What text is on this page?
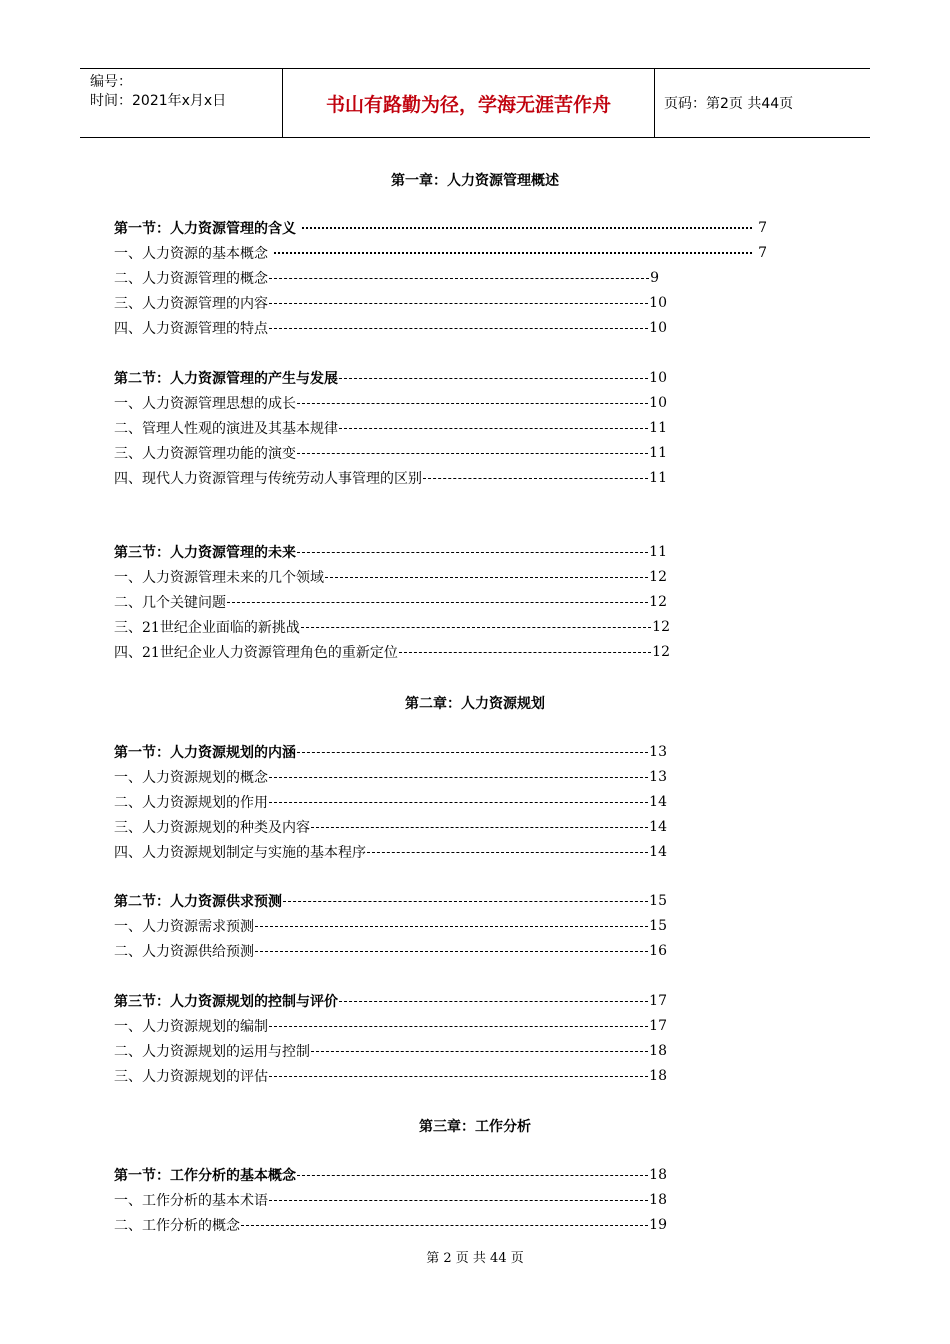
编号：
时间：2021年x月x日	书山有路勤为径，学海无涯苦作舟	页码：第2页 共44页
第一章：人力资源管理概述
第一节：人力资源管理的含义	7
一、人力资源的基本概念	7
二、人力资源管理的概念	9
三、人力资源管理的内容	10
四、人力资源管理的特点	10
第二节：人力资源管理的产生与发展	10
一、人力资源管理思想的成长	10
二、管理人性观的演进及其基本规律	11
三、人力资源管理功能的演变	11
四、现代人力资源管理与传统劳动人事管理的区别	11
第三节：人力资源管理的未来	11
一、人力资源管理未来的几个领域	12
二、几个关键问题	12
三、21世纪企业面临的新挑战	12
四、21世纪企业人力资源管理角色的重新定位	12
第二章：人力资源规划
第一节：人力资源规划的内涵	13
一、人力资源规划的概念	13
二、人力资源规划的作用	14
三、人力资源规划的种类及内容	14
四、人力资源规划制定与实施的基本程序	14
第二节：人力资源供求预测	15
一、人力资源需求预测	15
二、人力资源供给预测	16
第三节：人力资源规划的控制与评价	17
一、人力资源规划的编制	17
二、人力资源规划的运用与控制	18
三、人力资源规划的评估	18
第三章：工作分析
第一节：工作分析的基本概念	18
一、工作分析的基本术语	18
二、工作分析的概念	19
第 2 页 共 44 页
